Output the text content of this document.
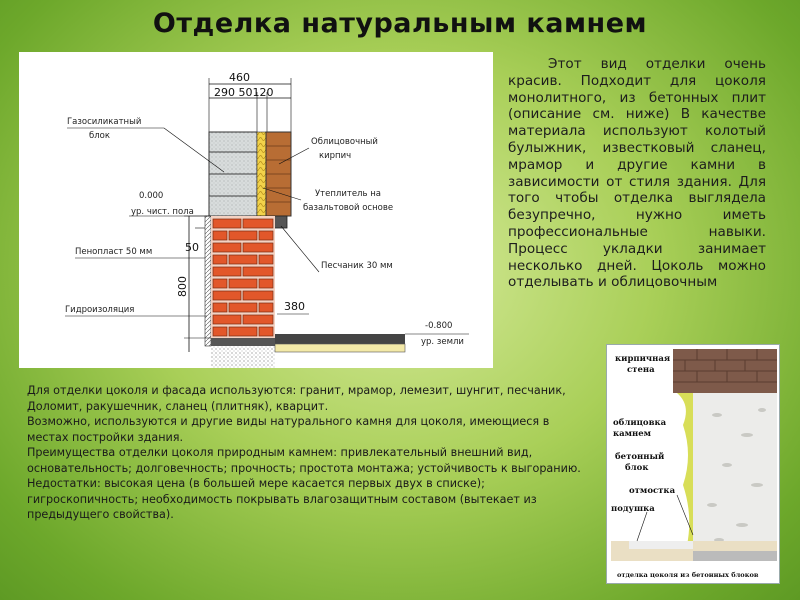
Отделка натуральным камнем
460
290 50120
50
800
380
0.000
ур. чист. пола
-0.800
ур. земли
Газосиликатный
блок
Облицовочный
кирпич
Утеплитель на
базальтовой основе
Пенопласт 50 мм
Песчаник 30 мм
Гидроизоляция
Этот вид отделки очень красив. Подходит для цоколя монолитного, из бетонных плит (описание см. ниже) В качестве материала используют колотый булыжник, известковый сланец, мрамор и другие камни в зависимости от стиля здания. Для того чтобы отделка выглядела безупречно, нужно иметь профессиональные навыки. Процесс укладки занимает несколько дней. Цоколь можно отделывать и облицовочным

Для отделки цоколя и фасада используются: гранит, мрамор, лемезит, шунгит, песчаник,

Доломит, ракушечник, сланец (плитняк), кварцит.

Возможно, используются и другие виды натурального камня для цоколя, имеющиеся в местах постройки здания.

Преимущества отделки цоколя природным камнем: привлекательный внешний вид, основательность; долговечность; прочность; простота монтажа; устойчивость к выгоранию.

Недостатки: высокая цена (в большей мере касается первых двух в списке); гигроскопичность; необходимость покрывать влагозащитным составом (вытекает из предыдущего свойства).

кирпичная
стена
облицовка
камнем
бетонный
блок
отмостка
подушка
отделка цоколя из бетонных блоков
